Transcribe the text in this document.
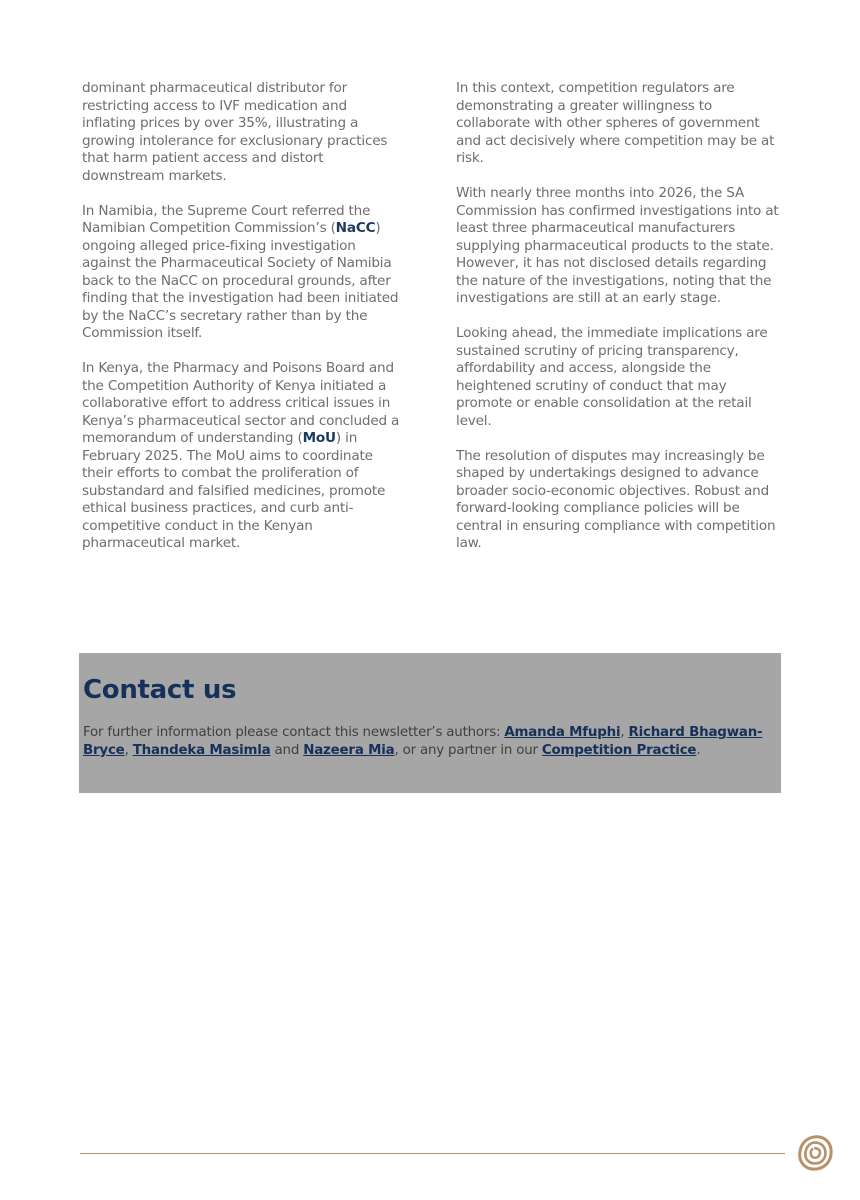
dominant pharmaceutical distributor for restricting access to IVF medication and inflating prices by over 35%, illustrating a growing intolerance for exclusionary practices that harm patient access and distort downstream markets.

In Namibia, the Supreme Court referred the Namibian Competition Commission’s (NaCC) ongoing alleged price-fixing investigation against the Pharmaceutical Society of Namibia back to the NaCC on procedural grounds, after finding that the investigation had been initiated by the NaCC’s secretary rather than by the Commission itself.

In Kenya, the Pharmacy and Poisons Board and the Competition Authority of Kenya initiated a collaborative effort to address critical issues in Kenya’s pharmaceutical sector and concluded a memorandum of understanding (MoU) in February 2025. The MoU aims to coordinate their efforts to combat the proliferation of substandard and falsified medicines, promote ethical business practices, and curb anti-competitive conduct in the Kenyan pharmaceutical market.

In this context, competition regulators are demonstrating a greater willingness to collaborate with other spheres of government and act decisively where competition may be at risk.

With nearly three months into 2026, the SA Commission has confirmed investigations into at least three pharmaceutical manufacturers supplying pharmaceutical products to the state. However, it has not disclosed details regarding the nature of the investigations, noting that the investigations are still at an early stage.

Looking ahead, the immediate implications are sustained scrutiny of pricing transparency, affordability and access, alongside the heightened scrutiny of conduct that may promote or enable consolidation at the retail level.

The resolution of disputes may increasingly be shaped by undertakings designed to advance broader socio-economic objectives. Robust and forward-looking compliance policies will be central in ensuring compliance with competition law.

Contact us

For further information please contact this newsletter’s authors: Amanda Mfuphi, Richard Bhagwan-Bryce, Thandeka Masimla and Nazeera Mia, or any partner in our Competition Practice.
